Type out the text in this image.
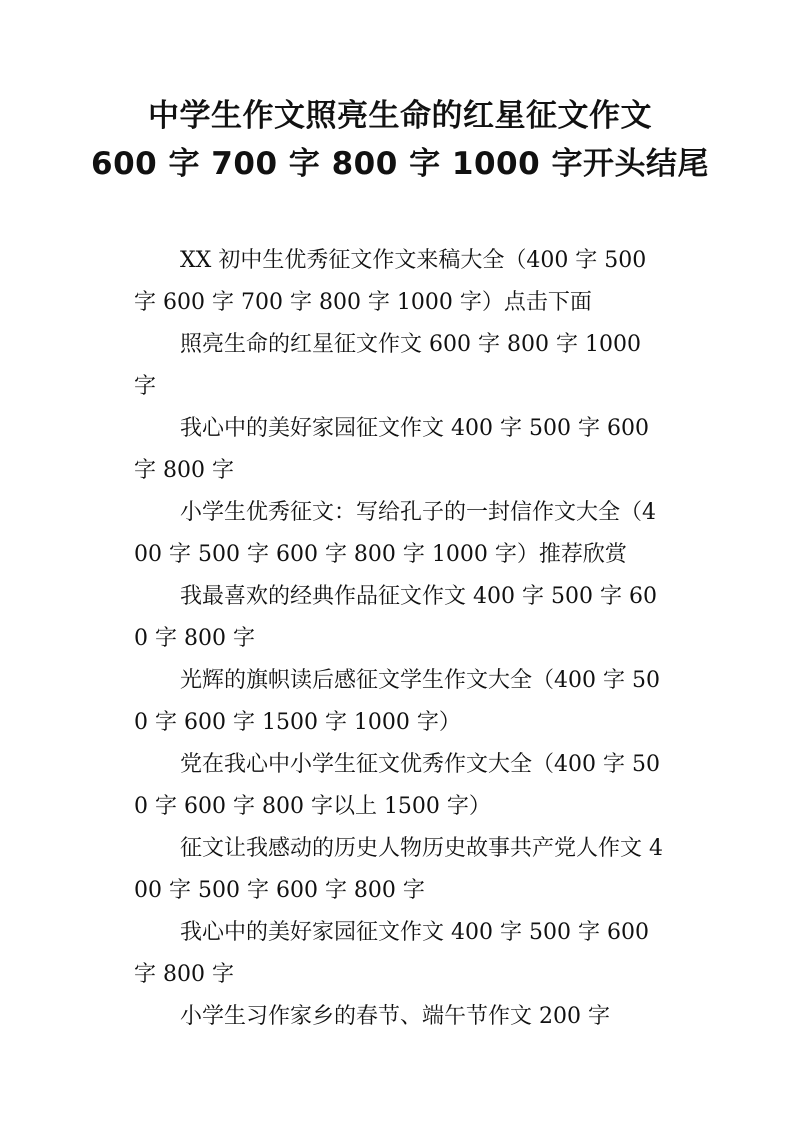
中学生作文照亮生命的红星征文作文
600 字 700 字 800 字 1000 字开头结尾

XX 初中生优秀征文作文来稿大全（400 字 500 字 600 字 700 字 800 字 1000 字）点击下面

照亮生命的红星征文作文 600 字 800 字 1000 字

我心中的美好家园征文作文 400 字 500 字 600 字 800 字

小学生优秀征文：写给孔子的一封信作文大全（400 字 500 字 600 字 800 字 1000 字）推荐欣赏

我最喜欢的经典作品征文作文 400 字 500 字 600 字 800 字

光辉的旗帜读后感征文学生作文大全（400 字 500 字 600 字 1500 字 1000 字）

党在我心中小学生征文优秀作文大全（400 字 500 字 600 字 800 字以上 1500 字）

征文让我感动的历史人物历史故事共产党人作文 400 字 500 字 600 字 800 字

我心中的美好家园征文作文 400 字 500 字 600 字 800 字

小学生习作家乡的春节、端午节作文 200 字
